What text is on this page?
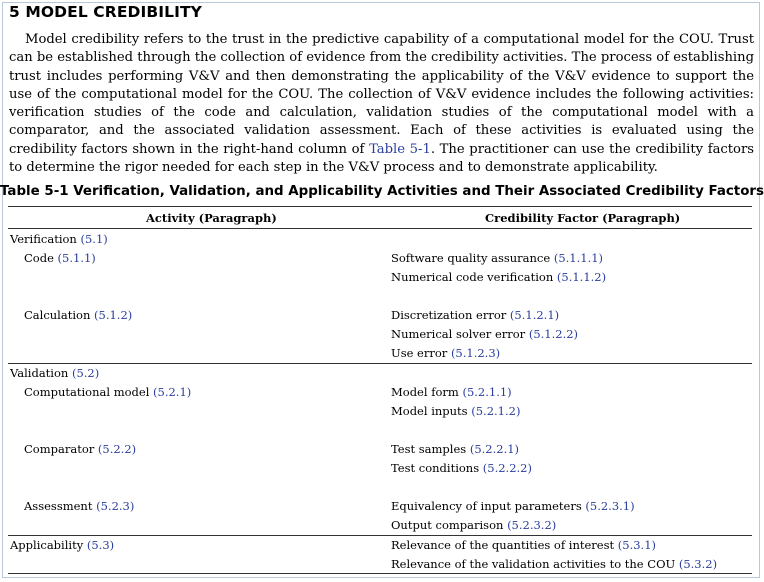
5 MODEL CREDIBILITY

Model credibility refers to the trust in the predictive capability of a computational model for the COU. Trust can be established through the collection of evidence from the credibility activities. The process of establishing trust includes performing V&V and then demonstrating the applicability of the V&V evidence to support the use of the computational model for the COU. The collection of V&V evidence includes the following activities: verification studies of the code and calculation, validation studies of the computational model with a comparator, and the associated validation assessment. Each of these activities is evaluated using the credibility factors shown in the right-hand column of Table 5-1. The practitioner can use the credibility factors to determine the rigor needed for each step in the V&V process and to demonstrate applicability.

Table 5-1 Verification, Validation, and Applicability Activities and Their Associated Credibility Factors
Activity (Paragraph)	Credibility Factor (Paragraph)
Verification (5.1)
Code (5.1.1)
Calculation (5.1.2)
Validation (5.2)
Computational model (5.2.1)
Comparator (5.2.2)
Assessment (5.2.3)
Applicability (5.3)
Software quality assurance (5.1.1.1)
Numerical code verification (5.1.1.2)
Discretization error (5.1.2.1)
Numerical solver error (5.1.2.2)
Use error (5.1.2.3)
Model form (5.2.1.1)
Model inputs (5.2.1.2)
Test samples (5.2.2.1)
Test conditions (5.2.2.2)
Equivalency of input parameters (5.2.3.1)
Output comparison (5.2.3.2)
Relevance of the quantities of interest (5.3.1)
Relevance of the validation activities to the COU (5.3.2)
